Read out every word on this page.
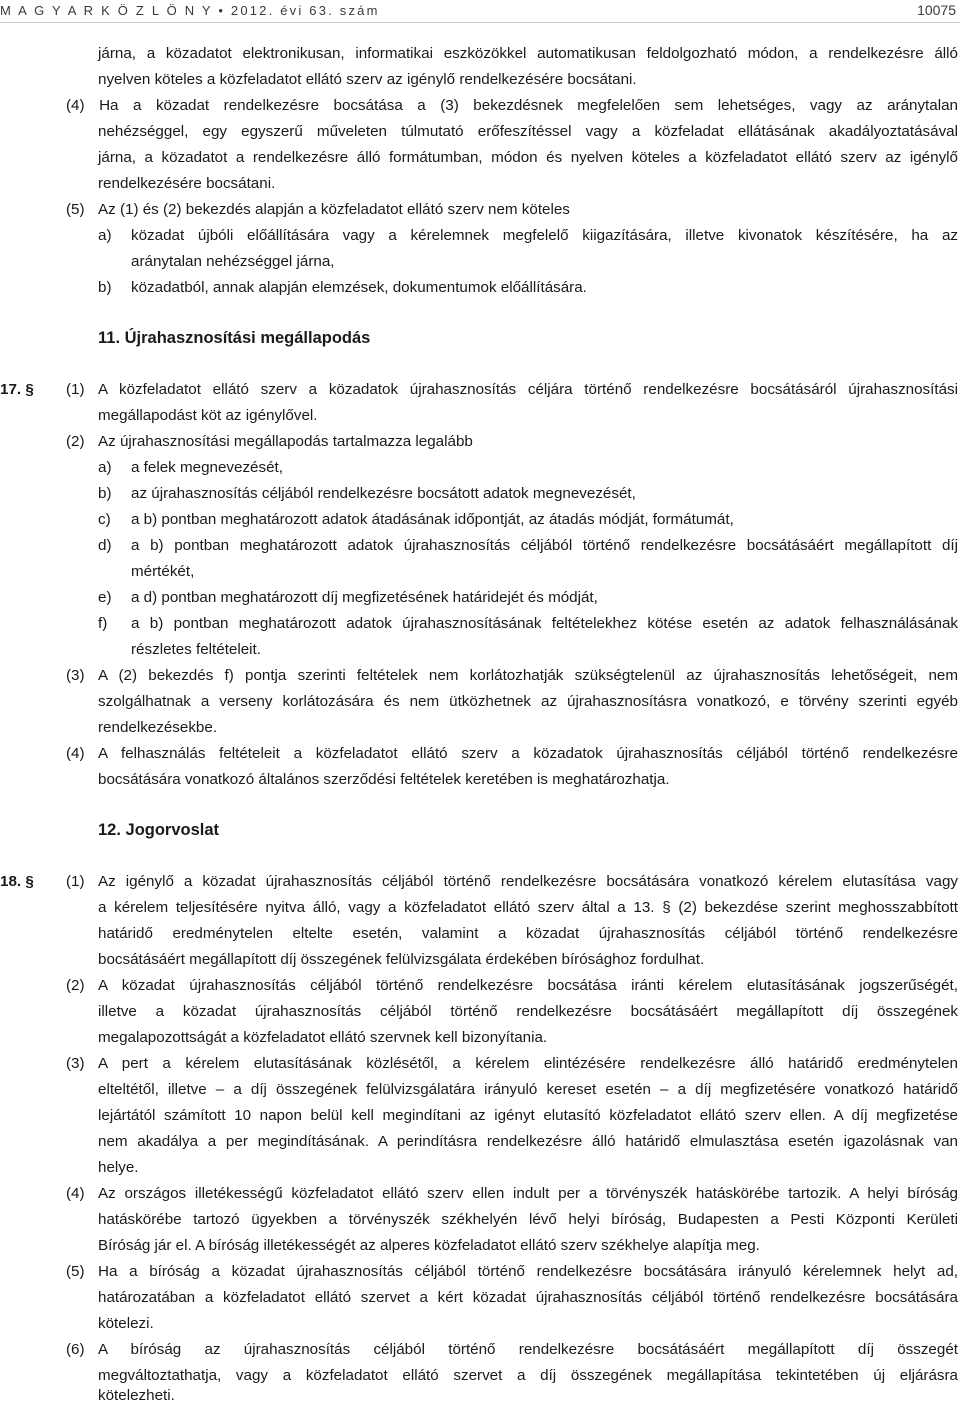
M A G Y A R K Ö Z L Ö N Y • 2012. évi 63. szám	10075
járna, a közadatot elektronikusan, informatikai eszközökkel automatikusan feldolgozható módon, a rendelkezésre álló
nyelven köteles a közfeladatot ellátó szerv az igénylő rendelkezésére bocsátani.
(4) Ha a közadat rendelkezésre bocsátása a (3) bekezdésnek megfelelően sem lehetséges, vagy az aránytalan
nehézséggel, egy egyszerű műveleten túlmutató erőfeszítéssel vagy a közfeladat ellátásának akadályoztatásával
járna, a közadatot a rendelkezésre álló formátumban, módon és nyelven köteles a közfeladatot ellátó szerv az igénylő
rendelkezésére bocsátani.
(5) Az (1) és (2) bekezdés alapján a közfeladatot ellátó szerv nem köteles
a) közadat újbóli előállítására vagy a kérelemnek megfelelő kiigazítására, illetve kivonatok készítésére, ha az
aránytalan nehézséggel járna,
b) közadatból, annak alapján elemzések, dokumentumok előállítására.
11. Újrahasznosítási megállapodás
17. § (1) A közfeladatot ellátó szerv a közadatok újrahasznosítás céljára történő rendelkezésre bocsátásáról újrahasznosítási
megállapodást köt az igénylővel.
(2) Az újrahasznosítási megállapodás tartalmazza legalább
a) a felek megnevezését,
b) az újrahasznosítás céljából rendelkezésre bocsátott adatok megnevezését,
c) a b) pontban meghatározott adatok átadásának időpontját, az átadás módját, formátumát,
d) a b) pontban meghatározott adatok újrahasznosítás céljából történő rendelkezésre bocsátásáért megállapított díj
mértékét,
e) a d) pontban meghatározott díj megfizetésének határidejét és módját,
f) a b) pontban meghatározott adatok újrahasznosításának feltételekhez kötése esetén az adatok felhasználásának
részletes feltételeit.
(3) A (2) bekezdés f) pontja szerinti feltételek nem korlátozhatják szükségtelenül az újrahasznosítás lehetőségeit, nem
szolgálhatnak a verseny korlátozására és nem ütközhetnek az újrahasznosításra vonatkozó, e törvény szerinti egyéb
rendelkezésekbe.
(4) A felhasználás feltételeit a közfeladatot ellátó szerv a közadatok újrahasznosítás céljából történő rendelkezésre
bocsátására vonatkozó általános szerződési feltételek keretében is meghatározhatja.
12. Jogorvoslat
18. § (1) Az igénylő a közadat újrahasznosítás céljából történő rendelkezésre bocsátására vonatkozó kérelem elutasítása vagy
a kérelem teljesítésére nyitva álló, vagy a közfeladatot ellátó szerv által a 13. § (2) bekezdése szerint meghosszabbított
határidő eredménytelen eltelte esetén, valamint a közadat újrahasznosítás céljából történő rendelkezésre
bocsátásáért megállapított díj összegének felülvizsgálata érdekében bírósághoz fordulhat.
(2) A közadat újrahasznosítás céljából történő rendelkezésre bocsátása iránti kérelem elutasításának jogszerűségét,
illetve a közadat újrahasznosítás céljából történő rendelkezésre bocsátásáért megállapított díj összegének
megalapozottságát a közfeladatot ellátó szervnek kell bizonyítania.
(3) A pert a kérelem elutasításának közlésétől, a kérelem elintézésére rendelkezésre álló határidő eredménytelen
elteltétől, illetve – a díj összegének felülvizsgálatára irányuló kereset esetén – a díj megfizetésére vonatkozó határidő
lejártától számított 10 napon belül kell megindítani az igényt elutasító közfeladatot ellátó szerv ellen. A díj megfizetése
nem akadálya a per megindításának. A perindításra rendelkezésre álló határidő elmulasztása esetén igazolásnak van
helye.
(4) Az országos illetékességű közfeladatot ellátó szerv ellen indult per a törvényszék hatáskörébe tartozik. A helyi bíróság
hatáskörébe tartozó ügyekben a törvényszék székhelyén lévő helyi bíróság, Budapesten a Pesti Központi Kerületi
Bíróság jár el. A bíróság illetékességét az alperes közfeladatot ellátó szerv székhelye alapítja meg.
(5) Ha a bíróság a közadat újrahasznosítás céljából történő rendelkezésre bocsátására irányuló kérelemnek helyt ad,
határozatában a közfeladatot ellátó szervet a kért közadat újrahasznosítás céljából történő rendelkezésre bocsátására
kötelezi.
(6) A bíróság az újrahasznosítás céljából történő rendelkezésre bocsátásáért megállapított díj összegét
megváltoztathatja, vagy a közfeladatot ellátó szervet a díj összegének megállapítása tekintetében új eljárásra
kötelezheti.
